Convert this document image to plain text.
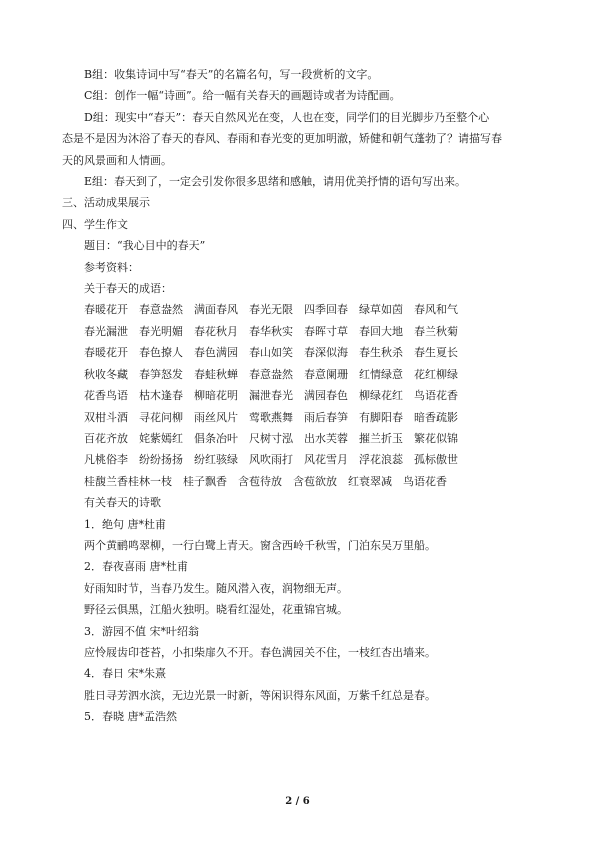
B组：收集诗词中写“春天”的名篇名句，写一段赏析的文字。

C组：创作一幅“诗画”。给一幅有关春天的画题诗或者为诗配画。

D组：现实中“春天”：春天自然风光在变，人也在变，同学们的目光脚步乃至整个心

态是不是因为沐浴了春天的春风、春雨和春光变的更加明澈，矫健和朝气蓬勃了？请描写春

天的风景画和人情画。

E组：春天到了，一定会引发你很多思绪和感触，请用优美抒情的语句写出来。

三、活动成果展示

四、学生作文

题目：“我心目中的春天”

参考资料：

关于春天的成语：

春暖花开　春意盎然　满面春风　春光无限　四季回春　绿草如茵　春风和气
春光漏泄　春光明媚　春花秋月　春华秋实　春晖寸草　春回大地　春兰秋菊
春暖花开　春色撩人　春色满园　春山如笑　春深似海　春生秋杀　春生夏长
秋收冬藏　春笋怒发　春蛙秋蝉　春意盎然　春意阑珊　红情绿意　花红柳绿
花香鸟语　枯木逢春　柳暗花明　漏泄春光　满园春色　柳绿花红　鸟语花香
双柑斗酒　寻花问柳　雨丝风片　莺歌燕舞　雨后春笋　有脚阳春　暗香疏影
百花齐放　姹紫嫣红　倡条冶叶　尺树寸泓　出水芙蓉　摧兰折玉　繁花似锦
凡桃俗李　纷纷扬扬　纷红骇绿　风吹雨打　风花雪月　浮花浪蕊　孤标傲世
桂馥兰香桂林一枝　桂子飘香　含苞待放　含苞欲放　红衰翠减　鸟语花香

有关春天的诗歌

1．绝句 唐*杜甫

两个黄鹂鸣翠柳，一行白鹭上青天。窗含西岭千秋雪，门泊东吴万里船。

2．春夜喜雨 唐*杜甫

好雨知时节，当春乃发生。随风潜入夜，润物细无声。

野径云俱黑，江船火独明。晓看红湿处，花重锦官城。

3．游园不值 宋*叶绍翁

应怜屐齿印苍苔，小扣柴扉久不开。春色满园关不住，一枝红杏出墙来。

4．春日 宋*朱熹

胜日寻芳泗水滨，无边光景一时新，等闲识得东风面，万紫千红总是春。

5．春晓 唐*孟浩然

2 / 6
